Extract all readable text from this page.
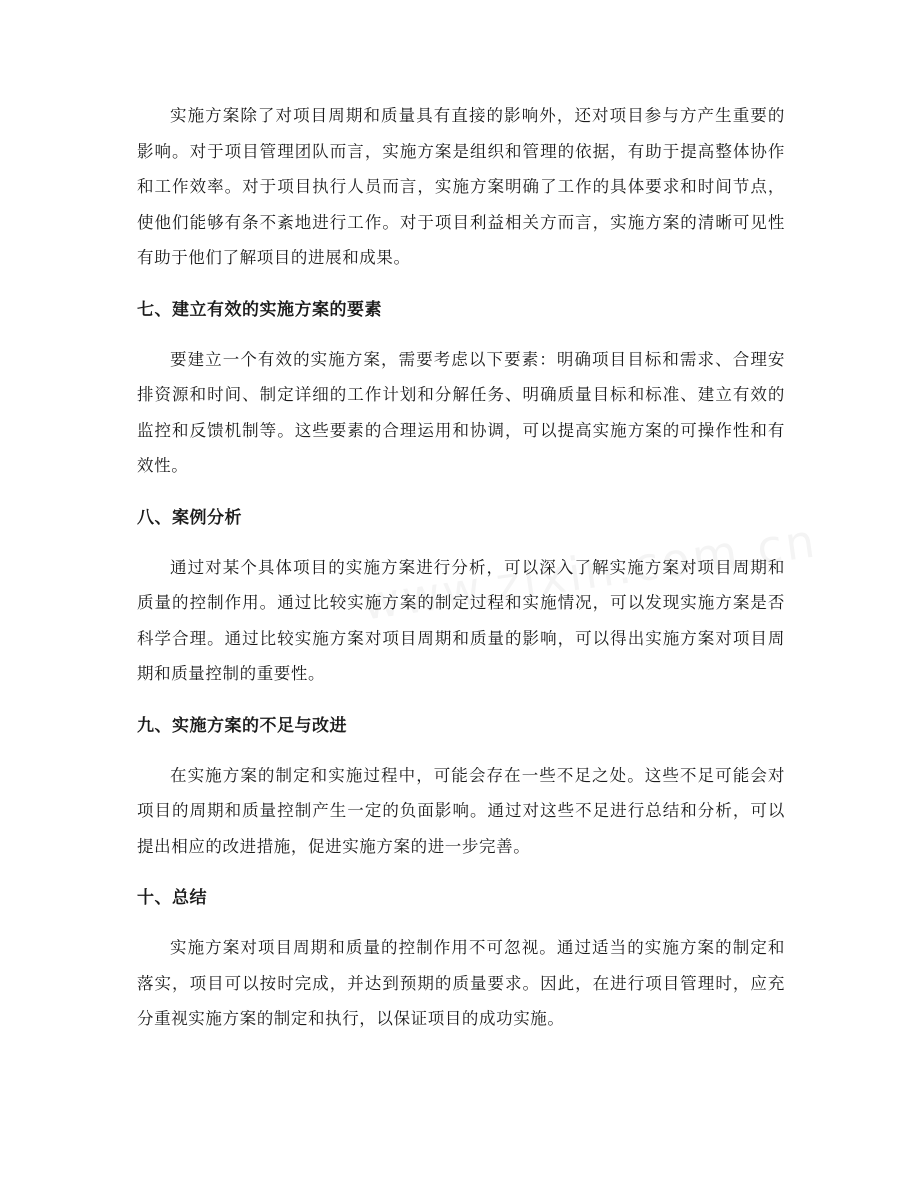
实施方案除了对项目周期和质量具有直接的影响外，还对项目参与方产生重要的影响。对于项目管理团队而言，实施方案是组织和管理的依据，有助于提高整体协作和工作效率。对于项目执行人员而言，实施方案明确了工作的具体要求和时间节点，使他们能够有条不紊地进行工作。对于项目利益相关方而言，实施方案的清晰可见性有助于他们了解项目的进展和成果。

七、建立有效的实施方案的要素

要建立一个有效的实施方案，需要考虑以下要素：明确项目目标和需求、合理安排资源和时间、制定详细的工作计划和分解任务、明确质量目标和标准、建立有效的监控和反馈机制等。这些要素的合理运用和协调，可以提高实施方案的可操作性和有效性。

八、案例分析

通过对某个具体项目的实施方案进行分析，可以深入了解实施方案对项目周期和质量的控制作用。通过比较实施方案的制定过程和实施情况，可以发现实施方案是否科学合理。通过比较实施方案对项目周期和质量的影响，可以得出实施方案对项目周期和质量控制的重要性。

九、实施方案的不足与改进

在实施方案的制定和实施过程中，可能会存在一些不足之处。这些不足可能会对项目的周期和质量控制产生一定的负面影响。通过对这些不足进行总结和分析，可以提出相应的改进措施，促进实施方案的进一步完善。

十、总结

实施方案对项目周期和质量的控制作用不可忽视。通过适当的实施方案的制定和落实，项目可以按时完成，并达到预期的质量要求。因此，在进行项目管理时，应充分重视实施方案的制定和执行，以保证项目的成功实施。
